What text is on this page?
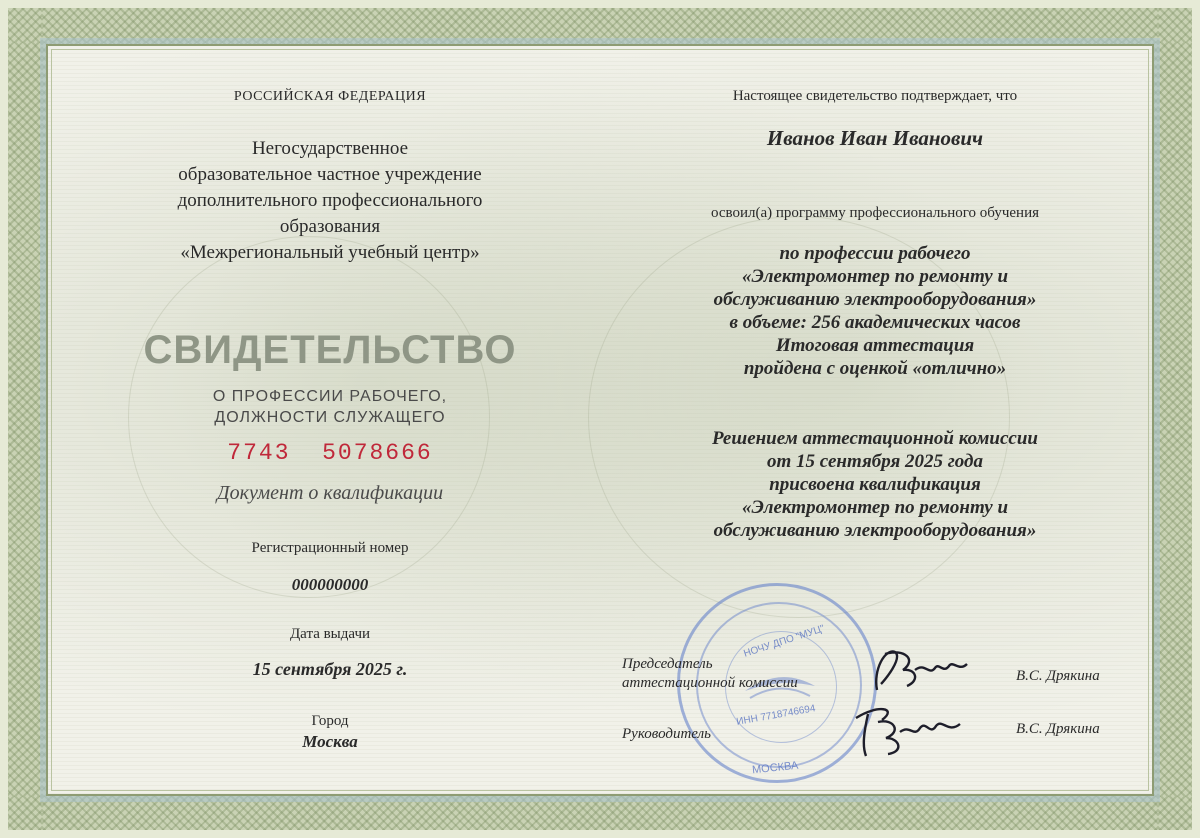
РОССИЙСКАЯ ФЕДЕРАЦИЯ
Негосударственное
образовательное частное учреждение
дополнительного профессионального
образования
«Межрегиональный учебный центр»
СВИДЕТЕЛЬСТВО
О ПРОФЕССИИ РАБОЧЕГО,
ДОЛЖНОСТИ СЛУЖАЩЕГО
7743  5078666
Документ о квалификации
Регистрационный номер
000000000
Дата выдачи
15 сентября 2025 г.
Город
Москва
Настоящее свидетельство подтверждает, что
Иванов Иван Иванович
освоил(а) программу профессионального обучения
по профессии рабочего
«Электромонтер по ремонту и
обслуживанию электрооборудования»
в объеме: 256 академических часов
Итоговая аттестация
пройдена с оценкой «отлично»
Решением аттестационной комиссии
от 15 сентября 2025 года
присвоена квалификация
«Электромонтер по ремонту и
обслуживанию электрооборудования»
НОЧУ ДПО "МУЦ"
ИНН 7718746694
МОСКВА
Председатель
аттестационной комиссии	В.С. Дрякина
Руководитель	В.С. Дрякина
